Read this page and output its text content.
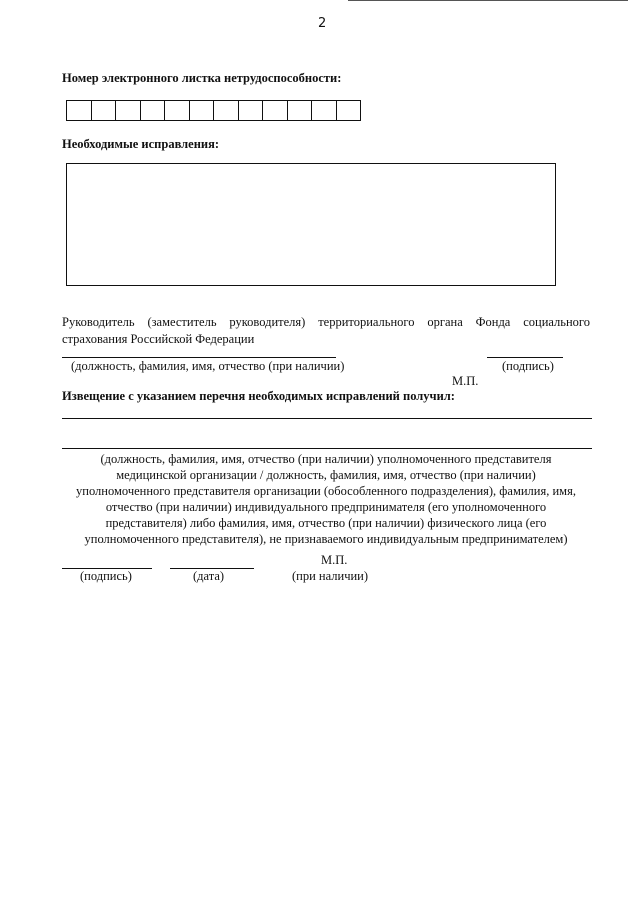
2
Номер электронного листка нетрудоспособности:
Необходимые исправления:
Руководитель (заместитель руководителя) территориального органа Фонда социального
страхования Российской Федерации
(должность, фамилия, имя, отчество (при наличии)	(подпись)
М.П.
Извещение с указанием перечня необходимых исправлений получил:
(должность, фамилия, имя, отчество (при наличии) уполномоченного представителя
медицинской организации / должность, фамилия, имя, отчество (при наличии)
уполномоченного представителя организации (обособленного подразделения), фамилия, имя,
отчество (при наличии) индивидуального предпринимателя (его уполномоченного
представителя) либо фамилия, имя, отчество (при наличии) физического лица (его
уполномоченного представителя), не признаваемого индивидуальным предпринимателем)
М.П.
(подпись)	(дата)	(при наличии)
